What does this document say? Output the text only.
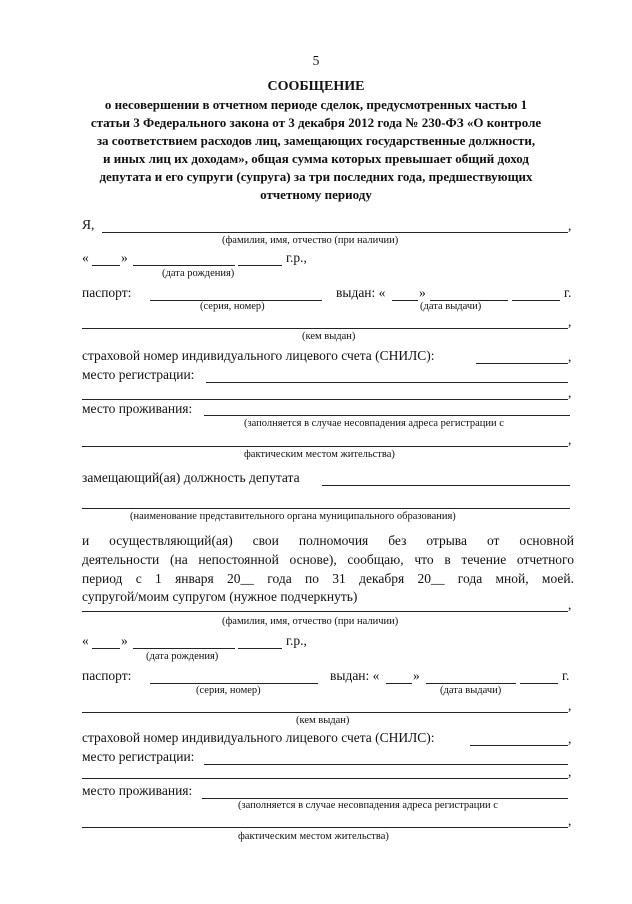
5
СООБЩЕНИЕ
о несовершении в отчетном периоде сделок, предусмотренных частью 1
статьи 3 Федерального закона от 3 декабря 2012 года № 230-ФЗ «О контроле
за соответствием расходов лиц, замещающих государственные должности,
и иных лиц их доходам», общая сумма которых превышает общий доход
депутата и его супруги (супруга) за три последних года, предшествующих
отчетному периоду
Я,	,
(фамилия, имя, отчество (при наличии)
« »	г.р.,
(дата рождения)
паспорт:	выдан: « »	г.
(серия, номер)	(дата выдачи)
,
(кем выдан)
страховой номер индивидуального лицевого счета (СНИЛС):	,
место регистрации:
,
место проживания:
(заполняется в случае несовпадения адреса регистрации с
,
фактическим местом жительства)
замещающий(ая) должность депутата
(наименование представительного органа муниципального образования)
и осуществляющий(ая) свои полномочия без отрыва от основной
деятельности (на непостоянной основе), сообщаю, что в течение отчетного
период с 1 января 20__ года по 31 декабря 20__ года мной, моей.
супругой/моим супругом (нужное подчеркнуть)
,
(фамилия, имя, отчество (при наличии)
« »	г.р.,
(дата рождения)
паспорт:	выдан: « »	г.
(серия, номер)	(дата выдачи)
,
(кем выдан)
страховой номер индивидуального лицевого счета (СНИЛС):	,
место регистрации:
,
место проживания:
(заполняется в случае несовпадения адреса регистрации с
,
фактическим местом жительства)
